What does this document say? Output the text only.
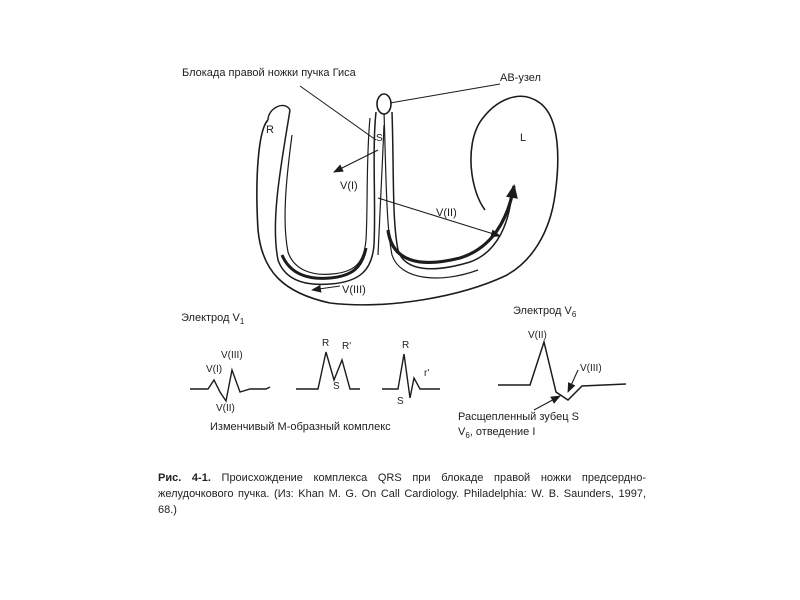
Блокада правой ножки пучка Гиса	АВ-узел
R
L
S
V(I)
V(II)
V(III)
Электрод $V_1$
V(III)
V(I)
V(II)
R R'
S
R
r'
S
Изменчивый М-образный комплекс
Электрод $V_6$
V(II)
V(III)
Расщепленный зубец S
$V_6$, отведение I
Рис. 4-1. Происхождение комплекса QRS при блокаде правой ножки предсердно-желудочкового пучка. (Из: Khan M. G. On Call Cardiology. Philadelphia: W. B. Saunders, 1997, 68.)
